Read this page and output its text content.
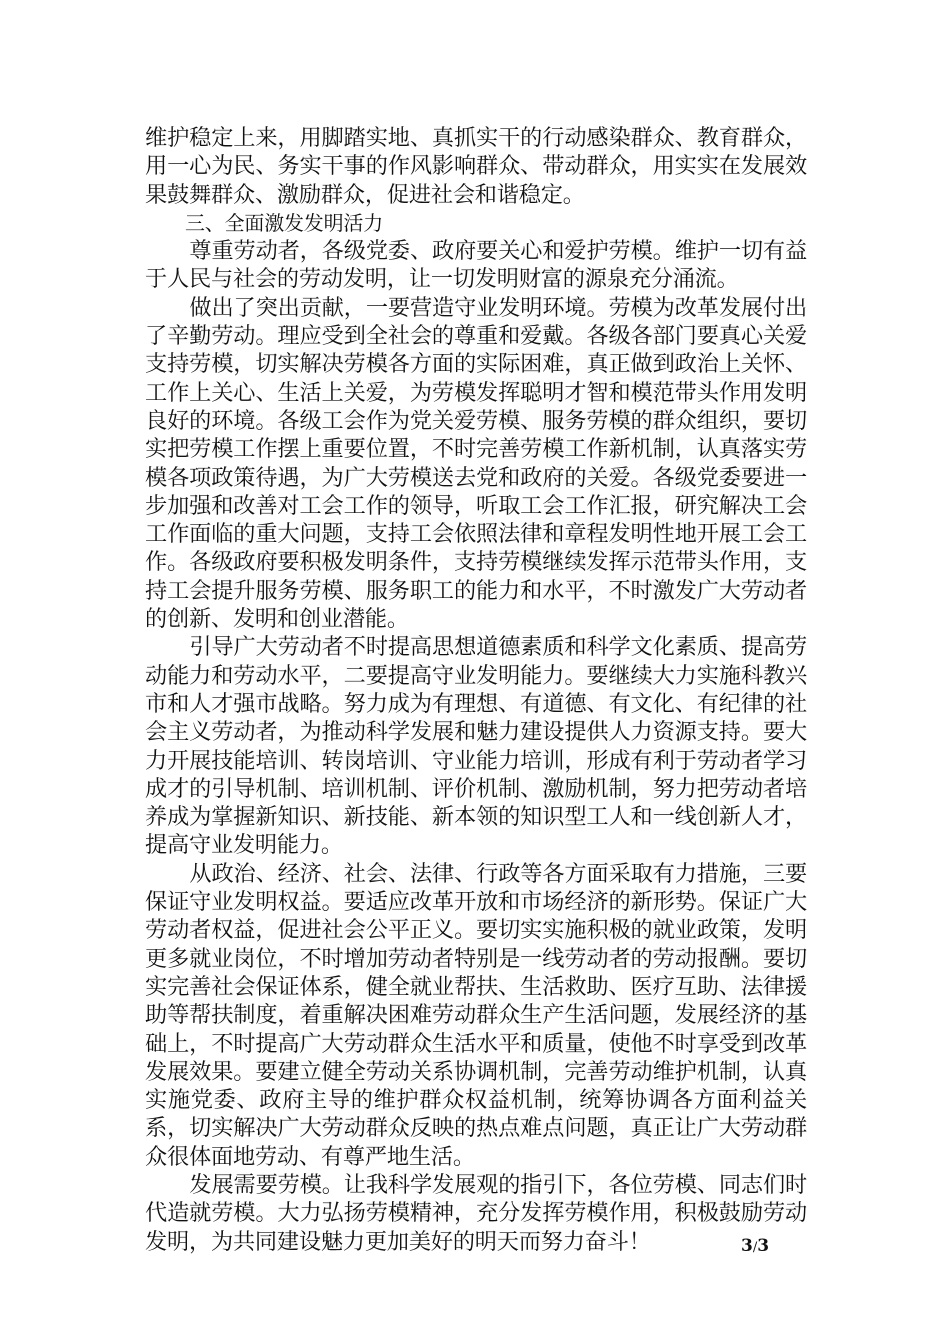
维护稳定上来，用脚踏实地、真抓实干的行动感染群众、教育群众，用一心为民、务实干事的作风影响群众、带动群众，用实实在发展效果鼓舞群众、激励群众，促进社会和谐稳定。

三、全面激发发明活力

尊重劳动者，各级党委、政府要关心和爱护劳模。维护一切有益于人民与社会的劳动发明，让一切发明财富的源泉充分涌流。

做出了突出贡献，一要营造守业发明环境。劳模为改革发展付出了辛勤劳动。理应受到全社会的尊重和爱戴。各级各部门要真心关爱支持劳模，切实解决劳模各方面的实际困难，真正做到政治上关怀、工作上关心、生活上关爱，为劳模发挥聪明才智和模范带头作用发明良好的环境。各级工会作为党关爱劳模、服务劳模的群众组织，要切实把劳模工作摆上重要位置，不时完善劳模工作新机制，认真落实劳模各项政策待遇，为广大劳模送去党和政府的关爱。各级党委要进一步加强和改善对工会工作的领导，听取工会工作汇报，研究解决工会工作面临的重大问题，支持工会依照法律和章程发明性地开展工会工作。各级政府要积极发明条件，支持劳模继续发挥示范带头作用，支持工会提升服务劳模、服务职工的能力和水平，不时激发广大劳动者的创新、发明和创业潜能。

引导广大劳动者不时提高思想道德素质和科学文化素质、提高劳动能力和劳动水平，二要提高守业发明能力。要继续大力实施科教兴市和人才强市战略。努力成为有理想、有道德、有文化、有纪律的社会主义劳动者，为推动科学发展和魅力建设提供人力资源支持。要大力开展技能培训、转岗培训、守业能力培训，形成有利于劳动者学习成才的引导机制、培训机制、评价机制、激励机制，努力把劳动者培养成为掌握新知识、新技能、新本领的知识型工人和一线创新人才，提高守业发明能力。

从政治、经济、社会、法律、行政等各方面采取有力措施，三要保证守业发明权益。要适应改革开放和市场经济的新形势。保证广大劳动者权益，促进社会公平正义。要切实实施积极的就业政策，发明更多就业岗位，不时增加劳动者特别是一线劳动者的劳动报酬。要切实完善社会保证体系，健全就业帮扶、生活救助、医疗互助、法律援助等帮扶制度，着重解决困难劳动群众生产生活问题，发展经济的基础上，不时提高广大劳动群众生活水平和质量，使他不时享受到改革发展效果。要建立健全劳动关系协调机制，完善劳动维护机制，认真实施党委、政府主导的维护群众权益机制，统筹协调各方面利益关系，切实解决广大劳动群众反映的热点难点问题，真正让广大劳动群众很体面地劳动、有尊严地生活。

发展需要劳模。让我科学发展观的指引下，各位劳模、同志们时代造就劳模。大力弘扬劳模精神，充分发挥劳模作用，积极鼓励劳动发明，为共同建设魅力更加美好的明天而努力奋斗！	3/3
